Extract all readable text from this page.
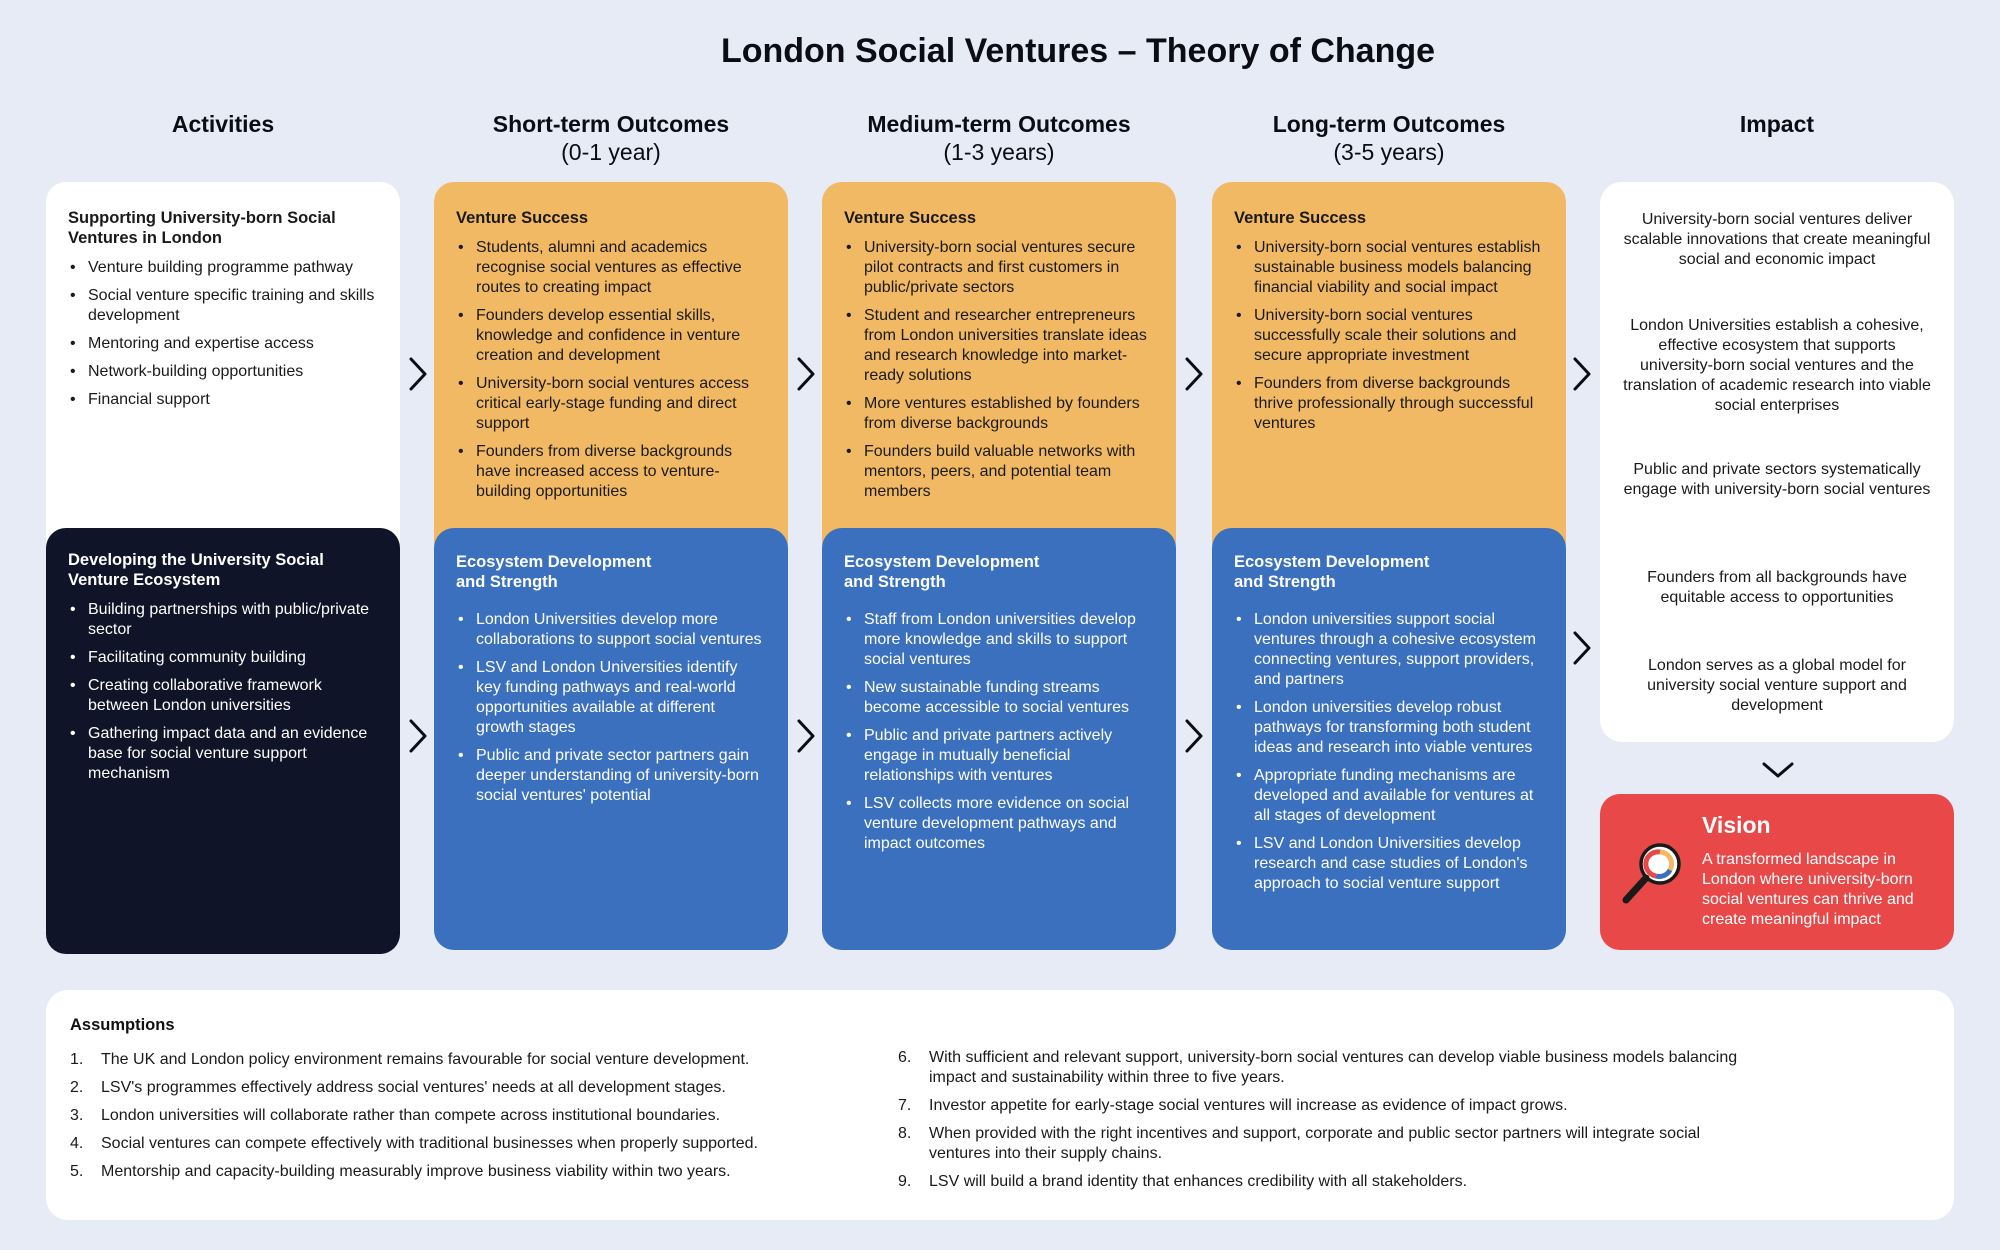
London Social Ventures – Theory of Change
Activities	Short-term Outcomes
(0-1 year)
Medium-term Outcomes
(1-3 years)
Long-term Outcomes
(3-5 years)
Impact
Supporting University-born Social Ventures in London
• Venture building programme pathway
• Social venture specific training and skills development
• Mentoring and expertise access
• Network-building opportunities
• Financial support
Developing the University Social Venture Ecosystem
• Building partnerships with public/private sector
• Facilitating community building
• Creating collaborative framework between London universities
• Gathering impact data and an evidence base for social venture support mechanism
Venture Success
• Students, alumni and academics recognise social ventures as effective routes to creating impact
• Founders develop essential skills, knowledge and confidence in venture creation and development
• University-born social ventures access critical early-stage funding and direct support
• Founders from diverse backgrounds have increased access to venture-building opportunities
Ecosystem Development and Strength
• London Universities develop more collaborations to support social ventures
• LSV and London Universities identify key funding pathways and real-world opportunities available at different growth stages
• Public and private sector partners gain deeper understanding of university-born social ventures' potential
Venture Success
• University-born social ventures secure pilot contracts and first customers in public/private sectors
• Student and researcher entrepreneurs from London universities translate ideas and research knowledge into market-ready solutions
• More ventures established by founders from diverse backgrounds
• Founders build valuable networks with mentors, peers, and potential team members
Ecosystem Development and Strength
• Staff from London universities develop more knowledge and skills to support social ventures
• New sustainable funding streams become accessible to social ventures
• Public and private partners actively engage in mutually beneficial relationships with ventures
• LSV collects more evidence on social venture development pathways and impact outcomes
Venture Success
• University-born social ventures establish sustainable business models balancing financial viability and social impact
• University-born social ventures successfully scale their solutions and secure appropriate investment
• Founders from diverse backgrounds thrive professionally through successful ventures
Ecosystem Development and Strength
• London universities support social ventures through a cohesive ecosystem connecting ventures, support providers, and partners
• London universities develop robust pathways for transforming both student ideas and research into viable ventures
• Appropriate funding mechanisms are developed and available for ventures at all stages of development
• LSV and London Universities develop research and case studies of London's approach to social venture support

University-born social ventures deliver scalable innovations that create meaningful social and economic impact

London Universities establish a cohesive, effective ecosystem that supports university-born social ventures and the translation of academic research into viable social enterprises

Public and private sectors systematically engage with university-born social ventures

Founders from all backgrounds have equitable access to opportunities

London serves as a global model for university social venture support and development

Vision
A transformed landscape in London where university-born social ventures can thrive and create meaningful impact
Assumptions
1. The UK and London policy environment remains favourable for social venture development.
2. LSV's programmes effectively address social ventures' needs at all development stages.
3. London universities will collaborate rather than compete across institutional boundaries.
4. Social ventures can compete effectively with traditional businesses when properly supported.
5. Mentorship and capacity-building measurably improve business viability within two years.
6. With sufficient and relevant support, university-born social ventures can develop viable business models balancing impact and sustainability within three to five years.
7. Investor appetite for early-stage social ventures will increase as evidence of impact grows.
8. When provided with the right incentives and support, corporate and public sector partners will integrate social ventures into their supply chains.
9. LSV will build a brand identity that enhances credibility with all stakeholders.
